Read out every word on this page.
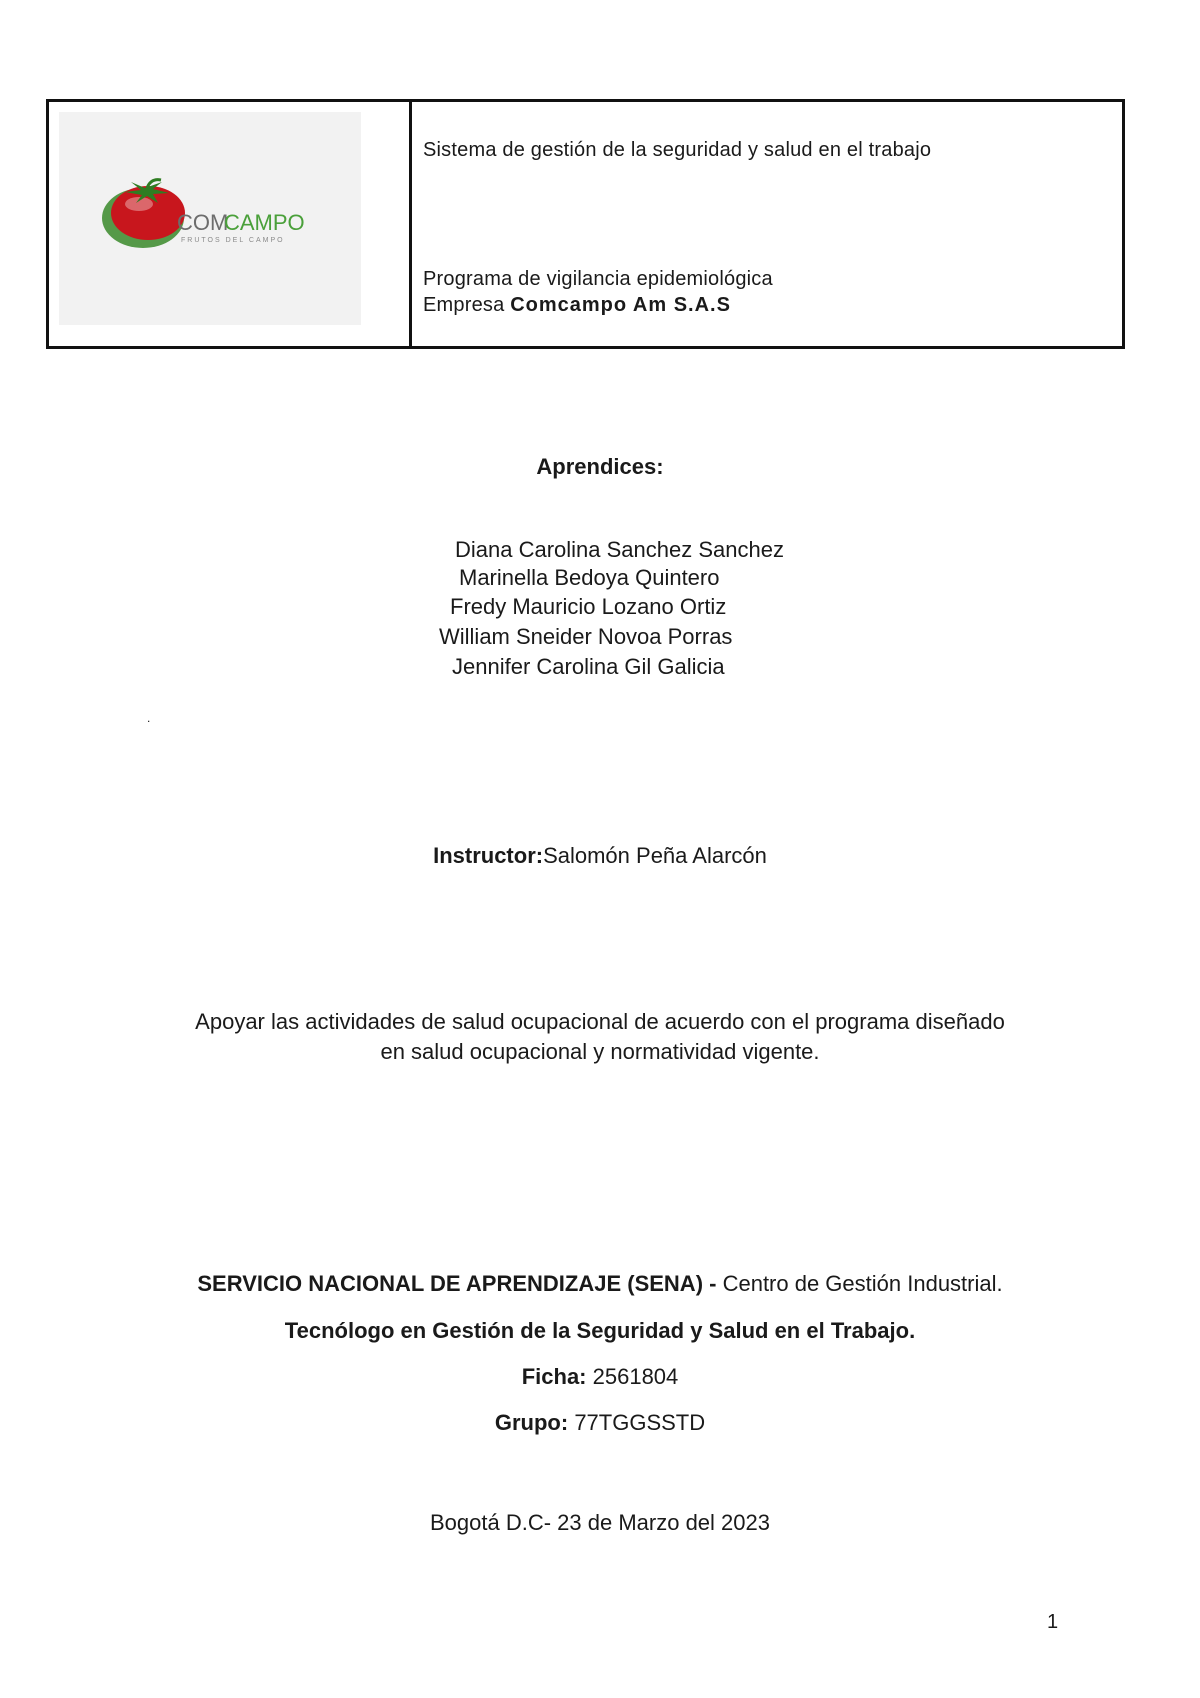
COM
CAMPO
FRUTOS DEL CAMPO
Sistema de gestión de la seguridad y salud en el trabajo
Programa de vigilancia epidemiológica
Empresa Comcampo Am S.A.S
Aprendices:
Diana Carolina Sanchez Sanchez
Marinella Bedoya Quintero
Fredy Mauricio Lozano Ortiz
William Sneider Novoa Porras
Jennifer Carolina Gil Galicia
.
Instructor:Salomón Peña Alarcón
Apoyar las actividades de salud ocupacional de acuerdo con el programa diseñado
en salud ocupacional y normatividad vigente.
SERVICIO NACIONAL DE APRENDIZAJE (SENA) - Centro de Gestión Industrial.
Tecnólogo en Gestión de la Seguridad y Salud en el Trabajo.
Ficha: 2561804
Grupo: 77TGGSSTD
Bogotá D.C- 23 de Marzo del 2023
1
